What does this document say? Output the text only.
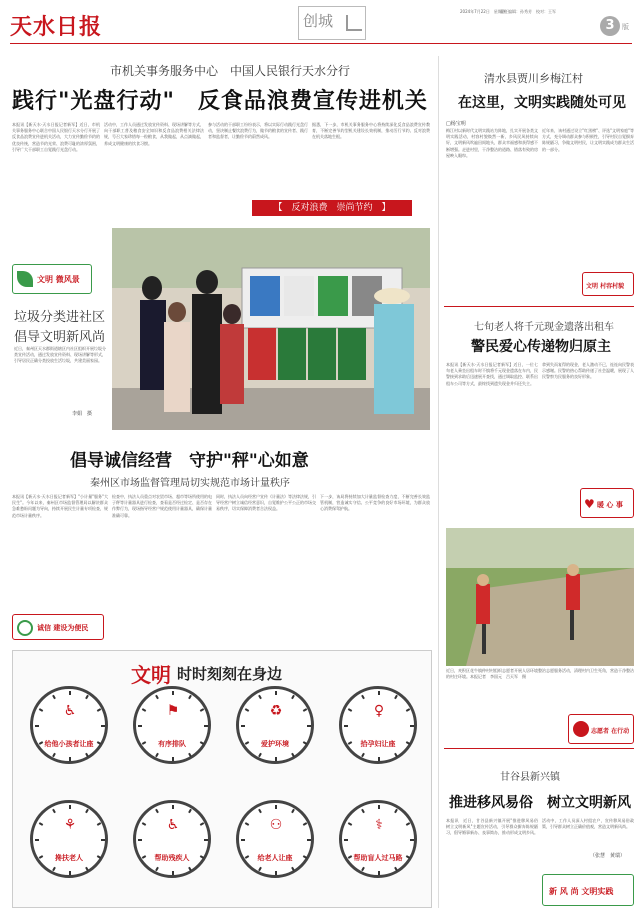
天水日报	创城
2024年7月22日　星期四
责任编辑：孙秀芳　校对：王军
3	版
市机关事务服务中心　中国人民银行天水分行
践行"光盘行动"　反食品浪费宣传进机关
本报讯【新天水·天水日报记者新军】近日，市机关事务服务中心联合中国人民银行天水分行开展了反食品浪费宣传进机关活动，大力宣传勤俭节约的优良传统，营造节约光荣、浪费可耻的浓厚氛围，引导广大干部职工自觉践行光盘行动。
活动中，工作人员通过发放宣传资料、现场讲解等方式，向干部职工普及粮食安全知识和反食品浪费相关法律法规，号召大家珍惜每一粒粮食，从我做起，从点滴做起，养成文明健康的饮食习惯。
参与活动的干部职工纷纷表示，将以实际行动践行光盘行动，坚决制止餐饮浪费行为，做节约粮食的宣传者、践行者和监督者，让勤俭节约蔚然成风。
据悉，下一步，市机关事务服务中心将持续深化反食品浪费宣传教育，不断完善节约型机关建设长效机制，推动厉行节约、反对浪费在机关落地生根。
【　反对浪费　崇尚节约　】
文明 微风景
垃圾分类进社区
倡导文明新风尚
近日，秦州区天水郡街道辖区内社区组织开展垃圾分类宣传活动，通过发放宣传资料、现场讲解等形式，引导居民正确分类投放生活垃圾，共建美丽家园。
李娟　摄
倡导诚信经营　守护"秤"心如意
秦州区市场监督管理局切实规范市场计量秩序
本报讯【新天水·天水日报记者新军】"小计量"服务"大民生"。今年以来，秦州区市场监督管理局以解决群众急难愁盼问题为导向，持续开展民生计量专项检查，规范市场计量秩序。
检查中，执法人员重点对农贸市场、超市等场所使用的电子秤等计量器具进行检查，查看是否经过检定、是否存在作弊行为，现场指导经营户规范使用计量器具，确保计量准确可靠。
同时，执法人员向经营户宣传《计量法》等法律法规，引导经营户树立诚信经营意识，自觉维护公平公正的市场交易秩序，切实保障消费者合法权益。
下一步，该局将持续加大计量监督检查力度，不断完善长效监管机制，营造诚实守信、公平竞争的良好市场环境，为群众放心消费保驾护航。
诚信 建设为便民
文明 时时刻刻在身边
♿
给他小孩者让座
⚑
有序排队
♻
爱护环境
♀
拾孕妇让座
⚘
搀扶老人
♿
帮助残疾人
⚇
给老人让座
⚕
帮助盲人过马路
清水县贾川乡梅江村
在这里，文明实践随处可见
□杨宝明
梅江村以新时代文明实践站为阵地，扎实开展各类文明实践活动，村容村貌焕然一新，乡风民风持续向好，文明新风吹遍田间地头，群众幸福感和获得感不断增强。走进村里，干净整洁的道路、错落有致的房屋映入眼帘。
近年来，该村通过设立"红黑榜"、评选"文明家庭"等方式，充分调动群众参与积极性，引导村民自觉摒弃陈规陋习，争做文明村民，让文明实践成为群众生活的一部分。
文明 村容村貌
七旬老人将千元现金遗落出租车
警民爱心传递物归原主
本报讯【新天水·天水日报记者新军】近日，一位七旬老人乘坐出租车时不慎将千元现金遗落在车内，民警接到求助后迅速展开查找，通过调取监控、联系出租车公司等方式，最终找到遗失现金并归还失主。
拿到失而复得的现金，老人激动不已，连连向民警表示感谢。民警的热心帮助传递了社会温暖，展现了人民警察为民服务的良好形象。
♥ 暖 心 事
近日，麦积区花牛镇仲村村组织志愿者开展人居环境整治志愿服务活动，清理村内卫生死角，营造干净整洁的村庄环境。本报记者　李国元　吕天军　摄
志愿者 在行动
甘谷县新兴镇
推进移风易俗　树立文明新风
本报讯　近日，甘谷县新兴镇开展"推进移风易俗　树立文明新风"主题宣传活动，引导群众摒弃陈规陋习，倡导婚事新办、丧事简办，推动形成文明乡风。
活动中，工作人员深入村组农户，宣传移风易俗政策，引导群众树立正确价值观，营造文明新风尚。
（张慧　黄瑞）
新 风 尚 文明实践
